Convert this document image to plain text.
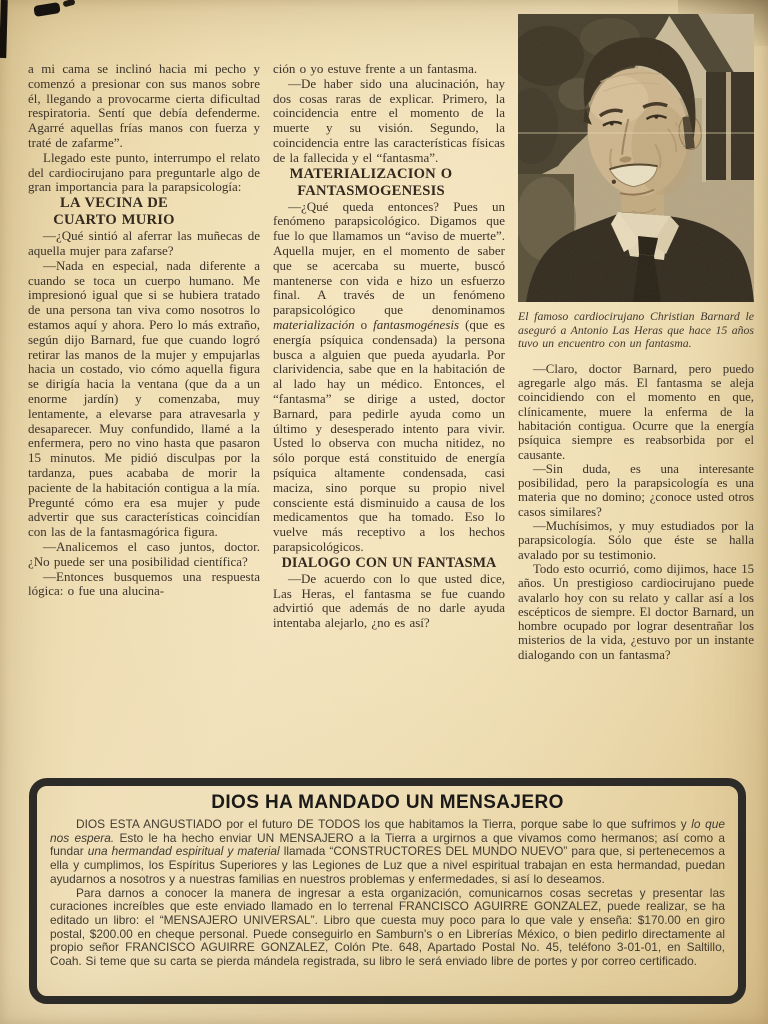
a mi cama se inclinó hacia mi pecho y comenzó a presionar con sus manos sobre él, llegando a provocarme cierta dificultad respiratoria. Sentí que debía defenderme. Agarré aquellas frías manos con fuerza y traté de zafarme”.

Llegado este punto, interrumpo el relato del cardiocirujano para preguntarle algo de gran importancia para la parapsicología:

LA VECINA DE CUARTO MURIO

—¿Qué sintió al aferrar las muñecas de aquella mujer para zafarse?

—Nada en especial, nada diferente a cuando se toca un cuerpo humano. Me impresionó igual que si se hubiera tratado de una persona tan viva como nosotros lo estamos aquí y ahora. Pero lo más extraño, según dijo Barnard, fue que cuando logró retirar las manos de la mujer y empujarlas hacia un costado, vio cómo aquella figura se dirigía hacia la ventana (que da a un enorme jardín) y comenzaba, muy lentamente, a elevarse para atravesarla y desaparecer. Muy confundido, llamé a la enfermera, pero no vino hasta que pasaron 15 minutos. Me pidió disculpas por la tardanza, pues acababa de morir la paciente de la habitación contigua a la mía. Pregunté cómo era esa mujer y pude advertir que sus características coincidían con las de la fantasmagórica figura.

—Analicemos el caso juntos, doctor. ¿No puede ser una posibilidad científica?

—Entonces busquemos una respuesta lógica: o fue una alucina-

ción o yo estuve frente a un fantasma.

—De haber sido una alucinación, hay dos cosas raras de explicar. Primero, la coincidencia entre el momento de la muerte y su visión. Segundo, la coincidencia entre las características físicas de la fallecida y el “fantasma”.

MATERIALIZACION O FANTASMOGENESIS

—¿Qué queda entonces? Pues un fenómeno parapsicológico. Digamos que fue lo que llamamos un “aviso de muerte”. Aquella mujer, en el momento de saber que se acercaba su muerte, buscó mantenerse con vida e hizo un esfuerzo final. A través de un fenómeno parapsicológico que denominamos materialización o fantasmogénesis (que es energía psíquica condensada) la persona busca a alguien que pueda ayudarla. Por clarividencia, sabe que en la habitación de al lado hay un médico. Entonces, el “fantasma” se dirige a usted, doctor Barnard, para pedirle ayuda como un último y desesperado intento para vivir. Usted lo observa con mucha nitidez, no sólo porque está constituido de energía psíquica altamente condensada, casi maciza, sino porque su propio nivel consciente está disminuido a causa de los medicamentos que ha tomado. Eso lo vuelve más receptivo a los hechos parapsicológicos.

DIALOGO CON UN FANTASMA

—De acuerdo con lo que usted dice, Las Heras, el fantasma se fue cuando advirtió que además de no darle ayuda intentaba alejarlo, ¿no es así?

El famoso cardiocirujano Christian Barnard le aseguró a Antonio Las Heras que hace 15 años tuvo un encuentro con un fantasma.

—Claro, doctor Barnard, pero puedo agregarle algo más. El fantasma se aleja coincidiendo con el momento en que, clínicamente, muere la enferma de la habitación contigua. Ocurre que la energía psíquica siempre es reabsorbida por el causante.

—Sin duda, es una interesante posibilidad, pero la parapsicología es una materia que no domino; ¿conoce usted otros casos similares?

—Muchísimos, y muy estudiados por la parapsicología. Sólo que éste se halla avalado por su testimonio.

Todo esto ocurrió, como dijimos, hace 15 años. Un prestigioso cardiocirujano puede avalarlo hoy con su relato y callar así a los escépticos de siempre. El doctor Barnard, un hombre ocupado por lograr desentrañar los misterios de la vida, ¿estuvo por un instante dialogando con un fantasma?

DIOS HA MANDADO UN MENSAJERO

DIOS ESTA ANGUSTIADO por el futuro DE TODOS los que habitamos la Tierra, porque sabe lo que sufrimos y lo que nos espera. Esto le ha hecho enviar UN MENSAJERO a la Tierra a urgirnos a que vivamos como hermanos; así como a fundar una hermandad espiritual y material llamada “CONSTRUCTORES DEL MUNDO NUEVO” para que, si pertenecemos a ella y cumplimos, los Espíritus Superiores y las Legiones de Luz que a nivel espiritual trabajan en esta hermandad, puedan ayudarnos a nosotros y a nuestras familias en nuestros problemas y enfermedades, si así lo deseamos.

Para darnos a conocer la manera de ingresar a esta organización, comunicarnos cosas secretas y presentar las curaciones increíbles que este enviado llamado en lo terrenal FRANCISCO AGUIRRE GONZALEZ, puede realizar, se ha editado un libro: el “MENSAJERO UNIVERSAL”. Libro que cuesta muy poco para lo que vale y enseña: $170.00 en giro postal, $200.00 en cheque personal. Puede conseguirlo en Samburn's o en Librerías México, o bien pedirlo directamente al propio señor FRANCISCO AGUIRRE GONZALEZ, Colón Pte. 648, Apartado Postal No. 45, teléfono 3-01-01, en Saltillo, Coah. Si teme que su carta se pierda mándela registrada, su libro le será enviado libre de portes y por correo certificado.
